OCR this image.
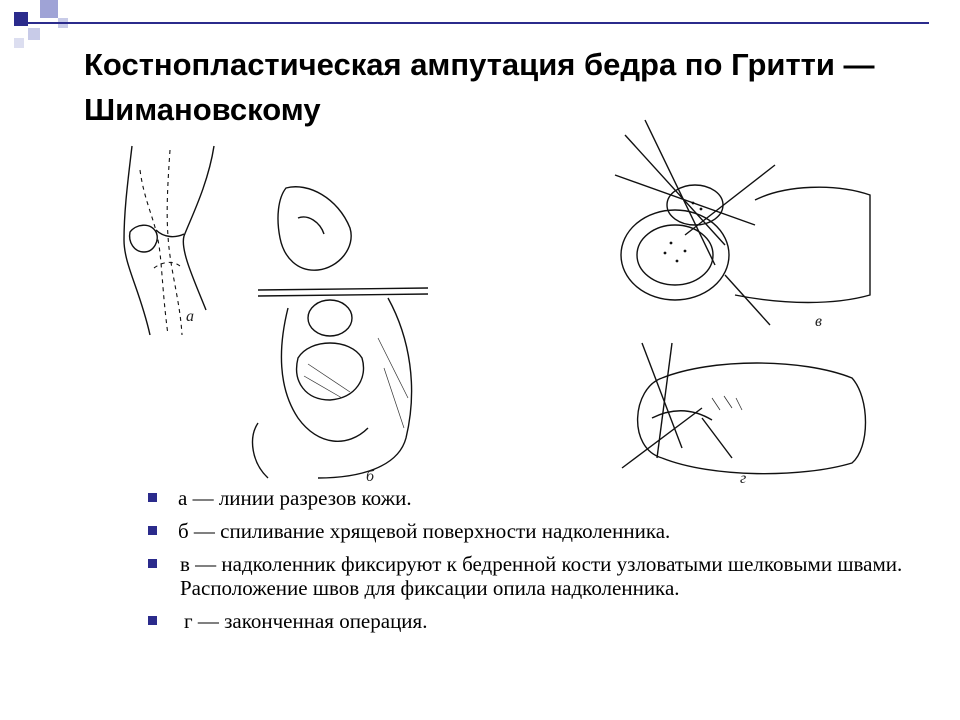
Костнопластическая ампутация бедра по Гритти — Шимановскому
а
б
в
г
а — линии разрезов кожи.
б — спиливание хрящевой поверхности надколенника.
в — надколенник фиксируют к бедренной кости узловатыми шелковыми швами. Расположение швов для фиксации опила надколенника.
г — законченная операция.
